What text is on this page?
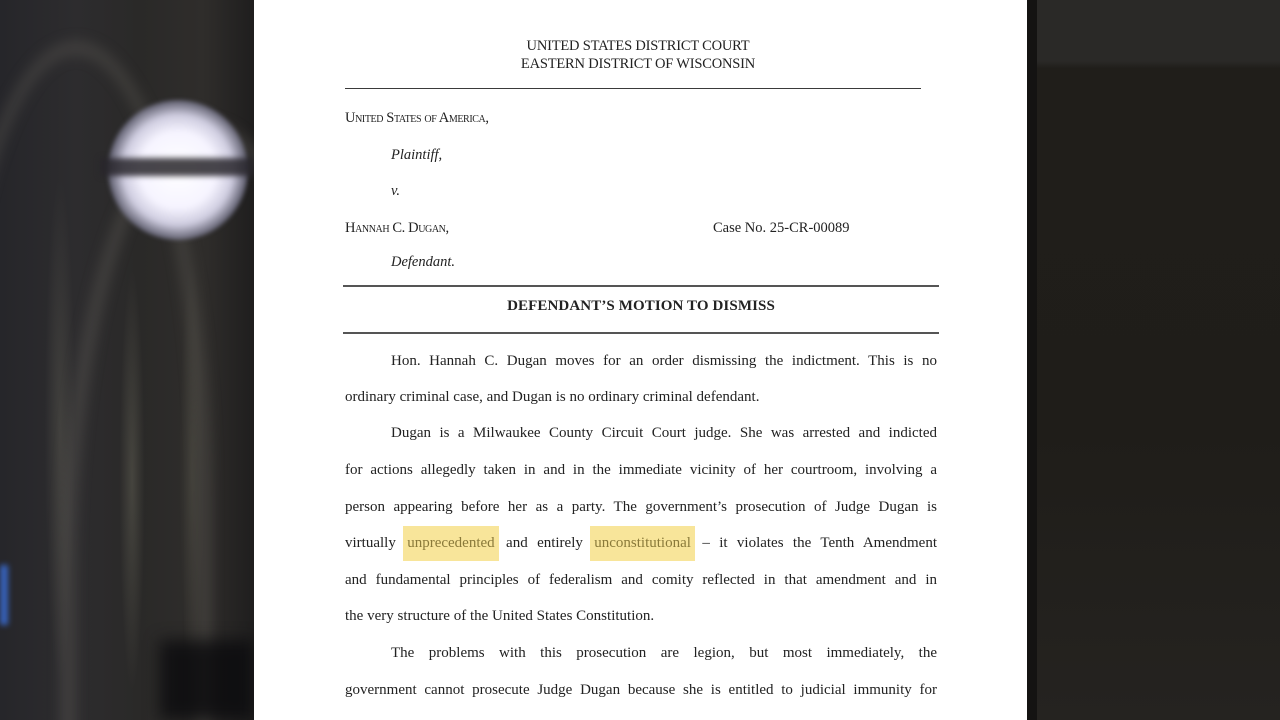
UNITED STATES DISTRICT COURT
EASTERN DISTRICT OF WISCONSIN
United States of America,
Plaintiff,
v.
Hannah C. Dugan,	Case No. 25-CR-00089
Defendant.
DEFENDANT’S MOTION TO DISMISS
Hon. Hannah C. Dugan moves for an order dismissing the indictment. This is no
ordinary criminal case, and Dugan is no ordinary criminal defendant.
Dugan is a Milwaukee County Circuit Court judge. She was arrested and indicted
for actions allegedly taken in and in the immediate vicinity of her courtroom, involving a
person appearing before her as a party. The government’s prosecution of Judge Dugan is
virtually unprecedented and entirely unconstitutional – it violates the Tenth Amendment
and fundamental principles of federalism and comity reflected in that amendment and in
the very structure of the United States Constitution.
The problems with this prosecution are legion, but most immediately, the
government cannot prosecute Judge Dugan because she is entitled to judicial immunity for
